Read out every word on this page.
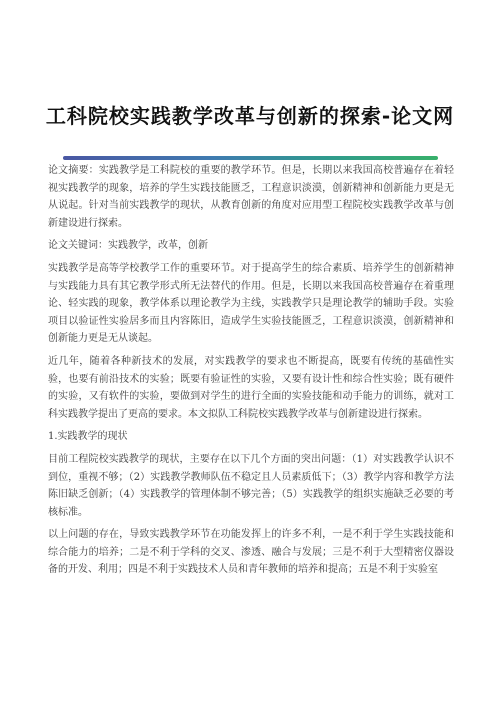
工科院校实践教学改革与创新的探索-论文网

论文摘要：实践教学是工科院校的重要的教学环节。但是，长期以来我国高校普遍存在着轻视实践教学的现象，培养的学生实践技能匮乏，工程意识淡漠，创新精神和创新能力更是无从说起。针对当前实践教学的现状，从教育创新的角度对应用型工程院校实践教学改革与创新建设进行探索。

论文关键词：实践教学，改革，创新

实践教学是高等学校教学工作的重要环节。对于提高学生的综合素质、培养学生的创新精神与实践能力具有其它教学形式所无法替代的作用。但是，长期以来我国高校普遍存在着重理论、轻实践的现象，教学体系以理论教学为主线，实践教学只是理论教学的辅助手段。实验项目以验证性实验居多而且内容陈旧，造成学生实验技能匮乏，工程意识淡漠，创新精神和创新能力更是无从谈起。

近几年，随着各种新技术的发展，对实践教学的要求也不断提高，既要有传统的基础性实验，也要有前沿技术的实验；既要有验证性的实验，又要有设计性和综合性实验；既有硬件的实验，又有软件的实验，要做到对学生的进行全面的实验技能和动手能力的训练，就对工科实践教学提出了更高的要求。本文拟队工科院校实践教学改革与创新建设进行探索。

1.实践教学的现状

目前工程院校实践教学的现状，主要存在以下几个方面的突出问题：（1）对实践教学认识不到位，重视不够；（2）实践教学教师队伍不稳定且人员素质低下；（3）教学内容和教学方法陈旧缺乏创新；（4）实践教学的管理体制不够完善；（5）实践教学的组织实施缺乏必要的考核标准。

以上问题的存在，导致实践教学环节在功能发挥上的许多不利，一是不利于学生实践技能和综合能力的培养；二是不利于学科的交叉、渗透、融合与发展；三是不利于大型精密仪器设备的开发、利用；四是不利于实践技术人员和青年教师的培养和提高；五是不利于实验室
